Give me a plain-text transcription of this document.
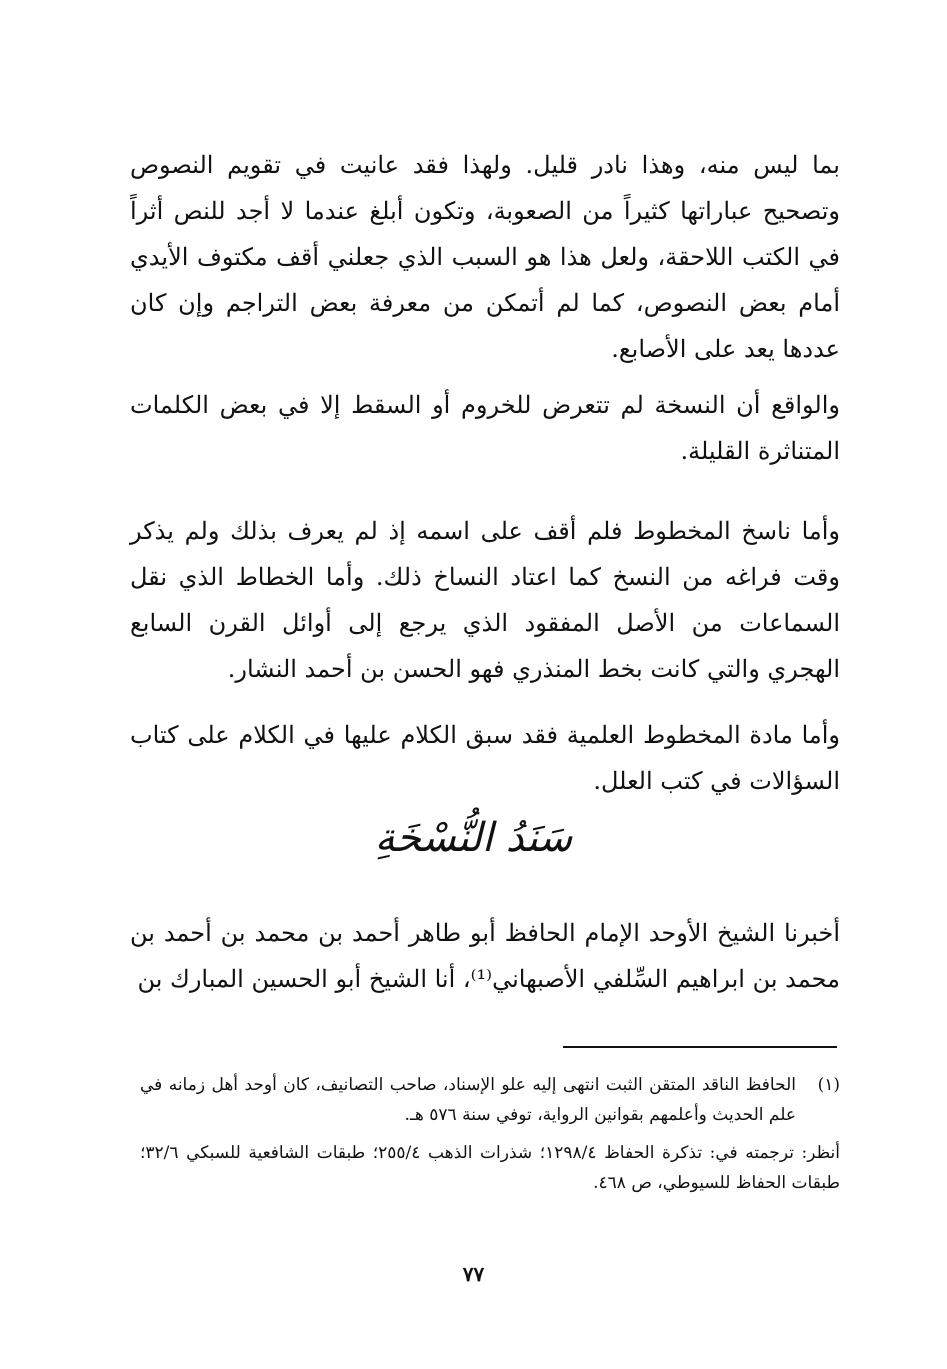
بما ليس منه، وهذا نادر قليل. ولهذا فقد عانيت في تقويم النصوص وتصحيح عباراتها كثيراً من الصعوبة، وتكون أبلغ عندما لا أجد للنص أثراً في الكتب اللاحقة، ولعل هذا هو السبب الذي جعلني أقف مكتوف الأيدي أمام بعض النصوص، كما لم أتمكن من معرفة بعض التراجم وإن كان عددها يعد على الأصابع.

والواقع أن النسخة لم تتعرض للخروم أو السقط إلا في بعض الكلمات المتناثرة القليلة.

وأما ناسخ المخطوط فلم أقف على اسمه إذ لم يعرف بذلك ولم يذكر وقت فراغه من النسخ كما اعتاد النساخ ذلك. وأما الخطاط الذي نقل السماعات من الأصل المفقود الذي يرجع إلى أوائل القرن السابع الهجري والتي كانت بخط المنذري فهو الحسن بن أحمد النشار.

وأما مادة المخطوط العلمية فقد سبق الكلام عليها في الكلام على كتاب السؤالات في كتب العلل.

سَنَدُ النُّسْخَةِ

أخبرنا الشيخ الأوحد الإمام الحافظ أبو طاهر أحمد بن محمد بن أحمد بن محمد بن ابراهيم السِّلفي الأصبهاني⁽¹⁾، أنا الشيخ أبو الحسين المبارك بن

(١)
الحافظ الناقد المتقن الثبت انتهى إليه علو الإسناد، صاحب التصانيف، كان أوحد أهل زمانه في علم الحديث وأعلمهم بقوانين الرواية، توفي سنة ٥٧٦ هـ.
أنظر: ترجمته في: تذكرة الحفاظ ١٢٩٨/٤؛ شذرات الذهب ٢٥٥/٤؛ طبقات الشافعية للسبكي ٣٢/٦؛ طبقات الحفاظ للسيوطي، ص ٤٦٨.
٧٧
